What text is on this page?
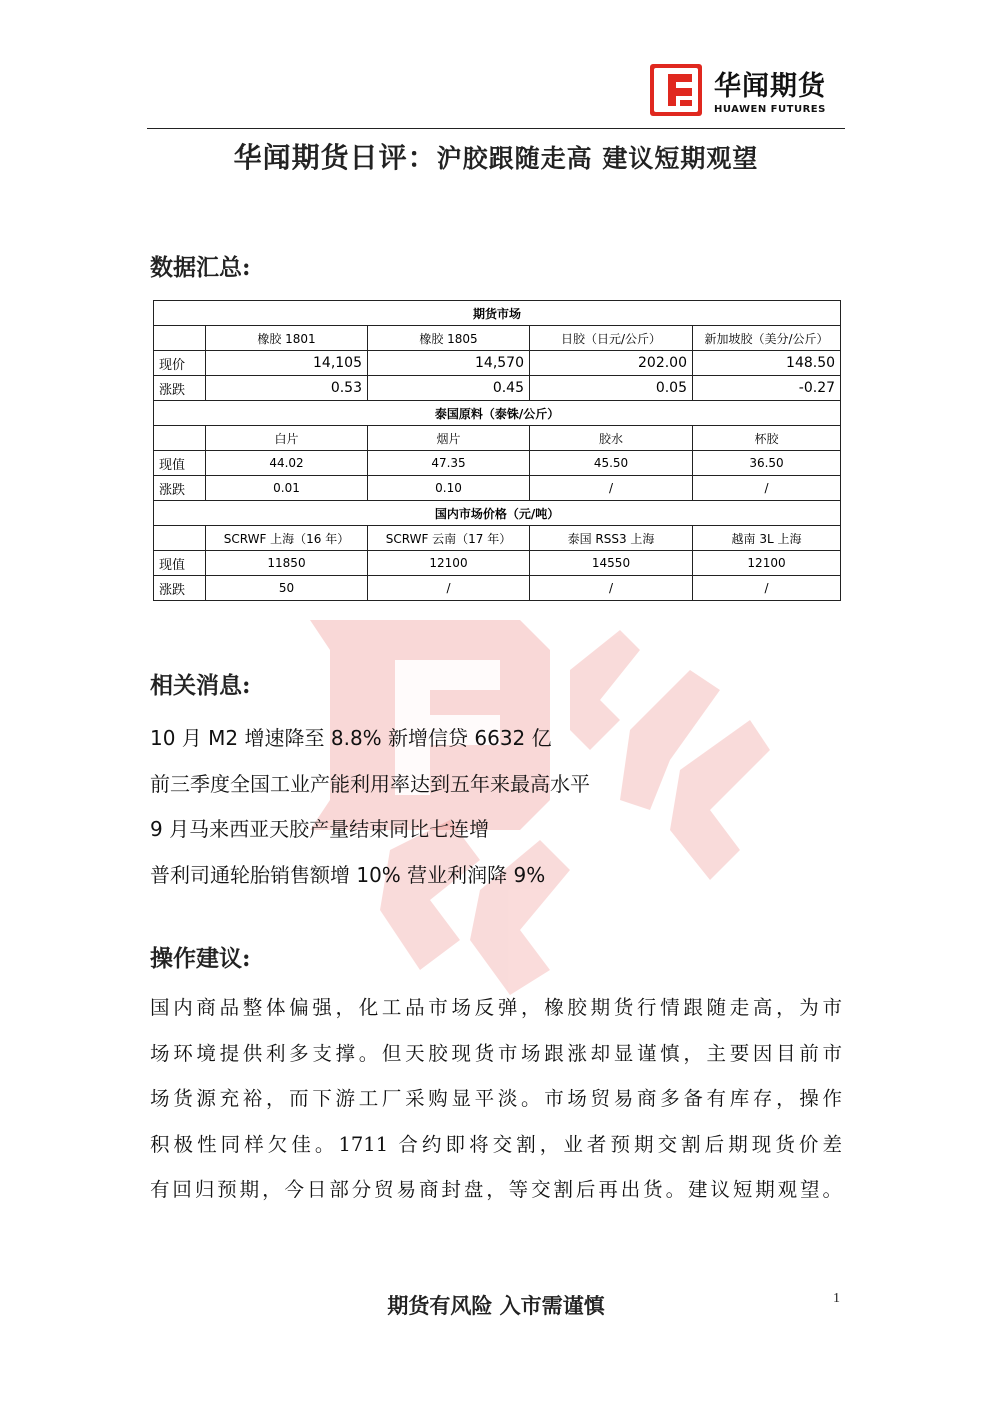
华闻期货
HUAWEN FUTURES
华闻期货日评：沪胶跟随走高 建议短期观望
数据汇总:
期货市场				
	橡胶 1801	橡胶 1805	日胶（日元/公斤）	新加坡胶（美分/公斤）
现价	14,105	14,570	202.00	148.50
涨跌	0.53	0.45	0.05	-0.27
泰国原料（泰铢/公斤）				
	白片	烟片	胶水	杯胶
现值	44.02	47.35	45.50	36.50
涨跌	0.01	0.10	/	/
国内市场价格（元/吨）				
	SCRWF 上海（16 年）	SCRWF 云南（17 年）	泰国 RSS3 上海	越南 3L 上海
现值	11850	12100	14550	12100
涨跌	50	/	/	/
相关消息:
10 月 M2 增速降至 8.8% 新增信贷 6632 亿
前三季度全国工业产能利用率达到五年来最高水平
9 月马来西亚天胶产量结束同比七连增
普利司通轮胎销售额增 10% 营业利润降 9%
操作建议:
国内商品整体偏强，化工品市场反弹，橡胶期货行情跟随走高，为市
场环境提供利多支撑。但天胶现货市场跟涨却显谨慎，主要因目前市
场货源充裕，而下游工厂采购显平淡。市场贸易商多备有库存，操作
积极性同样欠佳。1711 合约即将交割，业者预期交割后期现货价差
有回归预期，今日部分贸易商封盘，等交割后再出货。建议短期观望。
期货有风险 入市需谨慎	1
